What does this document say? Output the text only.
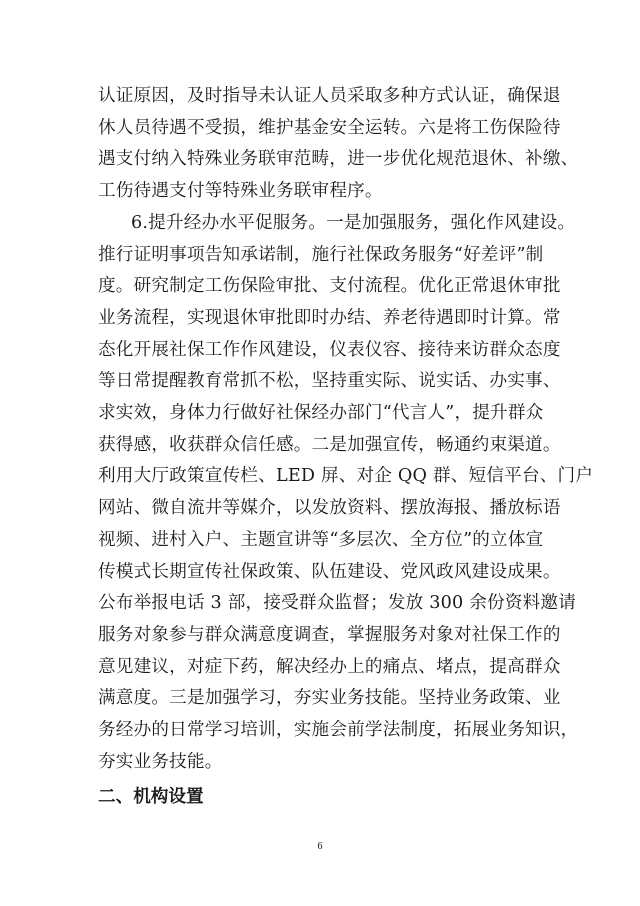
认证原因，及时指导未认证人员采取多种方式认证，确保退
休人员待遇不受损，维护基金安全运转。六是将工伤保险待
遇支付纳入特殊业务联审范畴，进一步优化规范退休、补缴、
工伤待遇支付等特殊业务联审程序。
6.提升经办水平促服务。一是加强服务，强化作风建设。
推行证明事项告知承诺制，施行社保政务服务“好差评”制
度。研究制定工伤保险审批、支付流程。优化正常退休审批
业务流程，实现退休审批即时办结、养老待遇即时计算。常
态化开展社保工作作风建设，仪表仪容、接待来访群众态度
等日常提醒教育常抓不松，坚持重实际、说实话、办实事、
求实效，身体力行做好社保经办部门“代言人”，提升群众
获得感，收获群众信任感。二是加强宣传，畅通约束渠道。
利用大厅政策宣传栏、LED 屏、对企 QQ 群、短信平台、门户
网站、微自流井等媒介，以发放资料、摆放海报、播放标语
视频、进村入户、主题宣讲等“多层次、全方位”的立体宣
传模式长期宣传社保政策、队伍建设、党风政风建设成果。
公布举报电话 3 部，接受群众监督；发放 300 余份资料邀请
服务对象参与群众满意度调查，掌握服务对象对社保工作的
意见建议，对症下药，解决经办上的痛点、堵点，提高群众
满意度。三是加强学习，夯实业务技能。坚持业务政策、业
务经办的日常学习培训，实施会前学法制度，拓展业务知识，
夯实业务技能。
二、机构设置
6
